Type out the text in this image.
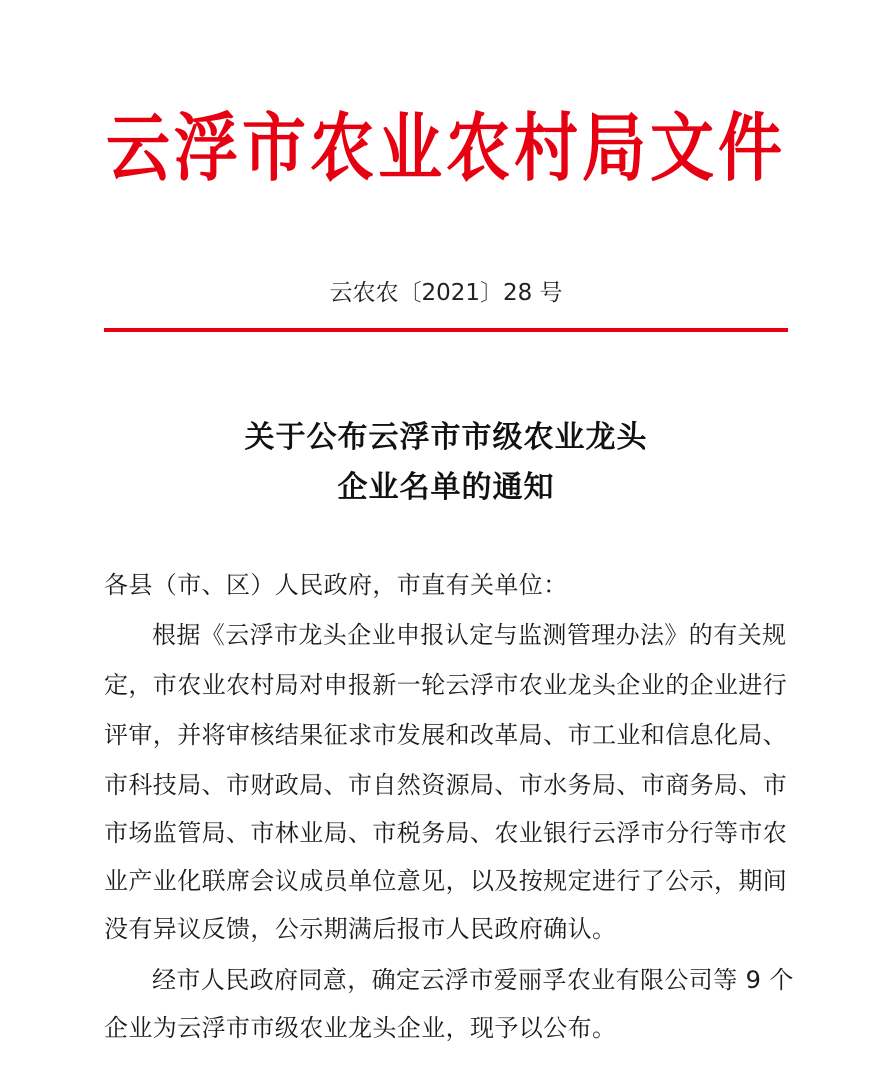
云浮市农业农村局文件
云农农〔2021〕28 号
关于公布云浮市市级农业龙头
企业名单的通知
各县（市、区）人民政府，市直有关单位：
根据《云浮市龙头企业申报认定与监测管理办法》的有关规
定，市农业农村局对申报新一轮云浮市农业龙头企业的企业进行
评审，并将审核结果征求市发展和改革局、市工业和信息化局、
市科技局、市财政局、市自然资源局、市水务局、市商务局、市
市场监管局、市林业局、市税务局、农业银行云浮市分行等市农
业产业化联席会议成员单位意见，以及按规定进行了公示，期间
没有异议反馈，公示期满后报市人民政府确认。
经市人民政府同意，确定云浮市爱丽孚农业有限公司等 9 个
企业为云浮市市级农业龙头企业，现予以公布。
